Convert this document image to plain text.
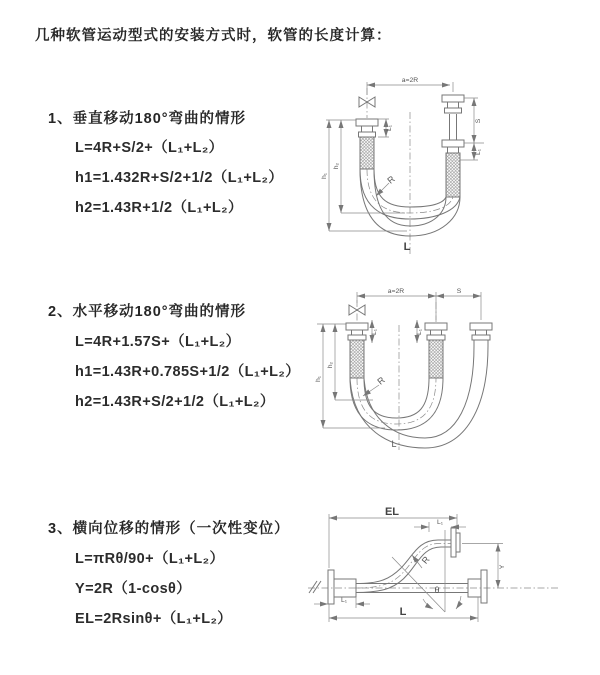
几种软管运动型式的安装方式时，软管的长度计算：
1、垂直移动180°弯曲的情形
L=4R+S/2+（L₁+L₂）
h1=1.432R+S/2+1/2（L₁+L₂）
h2=1.43R+1/2（L₁+L₂）
a=2R
L₁
S
L₁
h₂
h₁	R
L
2、水平移动180°弯曲的情形
L=4R+1.57S+（L₁+L₂）
h1=1.43R+0.785S+1/2（L₁+L₂）
h2=1.43R+S/2+1/2（L₁+L₂）
a=2R	S
L₁	L₁
h₂
h₁	R
L
3、横向位移的情形（一次性变位）
L=πRθ/90+（L₁+L₂）
Y=2R（1-cosθ）
EL=2Rsinθ+（L₁+L₂）
EL
L₁
Y
R
θ
L
L₁
